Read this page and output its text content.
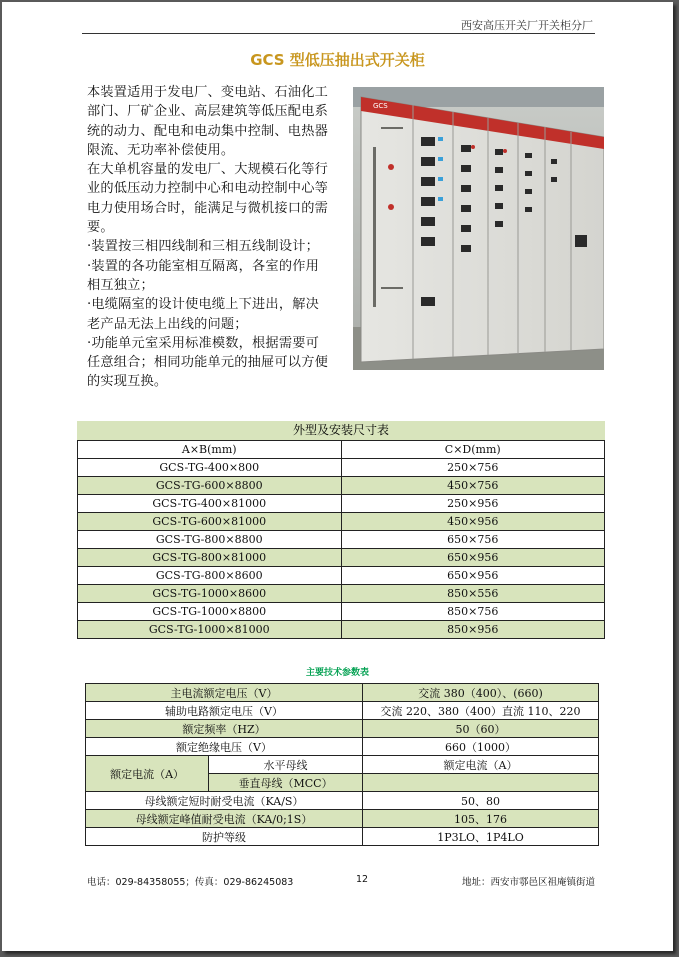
西安高压开关厂开关柜分厂
GCS 型低压抽出式开关柜

本装置适用于发电厂、变电站、石油化工部门、厂矿企业、高层建筑等低压配电系统的动力、配电和电动集中控制、电热器限流、无功率补偿使用。

在大单机容量的发电厂、大规模石化等行业的低压动力控制中心和电动控制中心等电力使用场合时，能满足与微机接口的需要。

·装置按三相四线制和三相五线制设计；

·装置的各功能室相互隔离，各室的作用相互独立；

·电缆隔室的设计使电缆上下进出，解决老产品无法上出线的问题；

·功能单元室采用标准模数，根据需要可任意组合；相同功能单元的抽屉可以方便的实现互换。

GCS
外型及安装尺寸表
A×B(mm)	C×D(mm)
GCS-TG-400×800	250×756
GCS-TG-600×8800	450×756
GCS-TG-400×81000	250×956
GCS-TG-600×81000	450×956
GCS-TG-800×8800	650×756
GCS-TG-800×81000	650×956
GCS-TG-800×8600	650×956
GCS-TG-1000×8600	850×556
GCS-TG-1000×8800	850×756
GCS-TG-1000×81000	850×956
主要技术参数表
主电流额定电压（V）		交流 380（400）、(660)
辅助电路额定电压（V）		交流 220、380（400）直流 110、220
额定频率（HZ）		50（60）
额定绝缘电压（V）		660（1000）
额定电流（A）	水平母线	额定电流（A）
	垂直母线（MCC）	
母线额定短时耐受电流（KA/S）		50、80
母线额定峰值耐受电流（KA/0;1S）		105、176
防护等级		1P3LO、1P4LO
电话：029-84358055；传真：029-86245083	12	地址：西安市鄠邑区祖庵镇街道
